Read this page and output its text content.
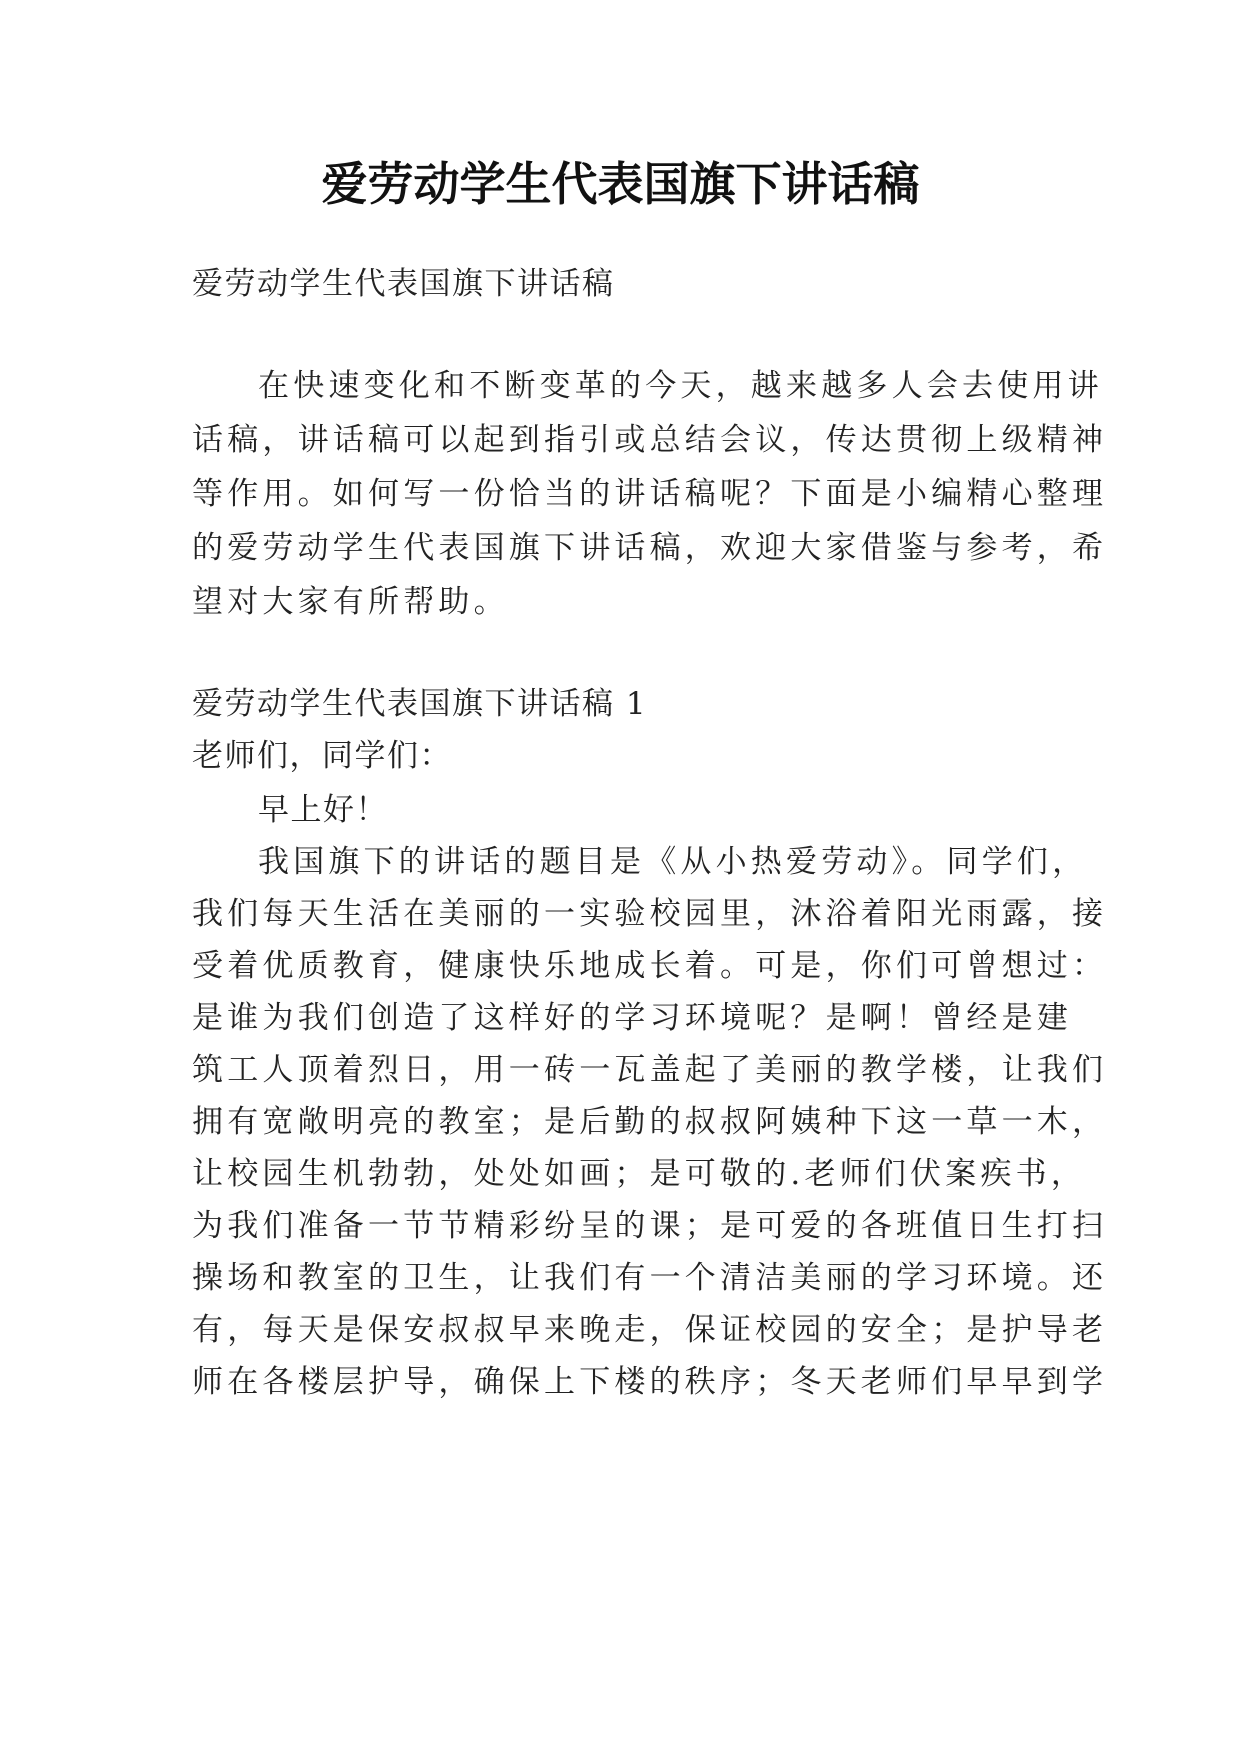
爱劳动学生代表国旗下讲话稿
爱劳动学生代表国旗下讲话稿
在快速变化和不断变革的今天，越来越多人会去使用讲
话稿，讲话稿可以起到指引或总结会议，传达贯彻上级精神
等作用。如何写一份恰当的讲话稿呢？下面是小编精心整理
的爱劳动学生代表国旗下讲话稿，欢迎大家借鉴与参考，希
望对大家有所帮助。
爱劳动学生代表国旗下讲话稿 1
老师们，同学们：
早上好！
我国旗下的讲话的题目是《从小热爱劳动》。同学们，
我们每天生活在美丽的一实验校园里，沐浴着阳光雨露，接
受着优质教育，健康快乐地成长着。可是，你们可曾想过：
是谁为我们创造了这样好的学习环境呢？是啊！曾经是建
筑工人顶着烈日，用一砖一瓦盖起了美丽的教学楼，让我们
拥有宽敞明亮的教室；是后勤的叔叔阿姨种下这一草一木，
让校园生机勃勃，处处如画；是可敬的.老师们伏案疾书，
为我们准备一节节精彩纷呈的课；是可爱的各班值日生打扫
操场和教室的卫生，让我们有一个清洁美丽的学习环境。还
有，每天是保安叔叔早来晚走，保证校园的安全；是护导老
师在各楼层护导，确保上下楼的秩序；冬天老师们早早到学
